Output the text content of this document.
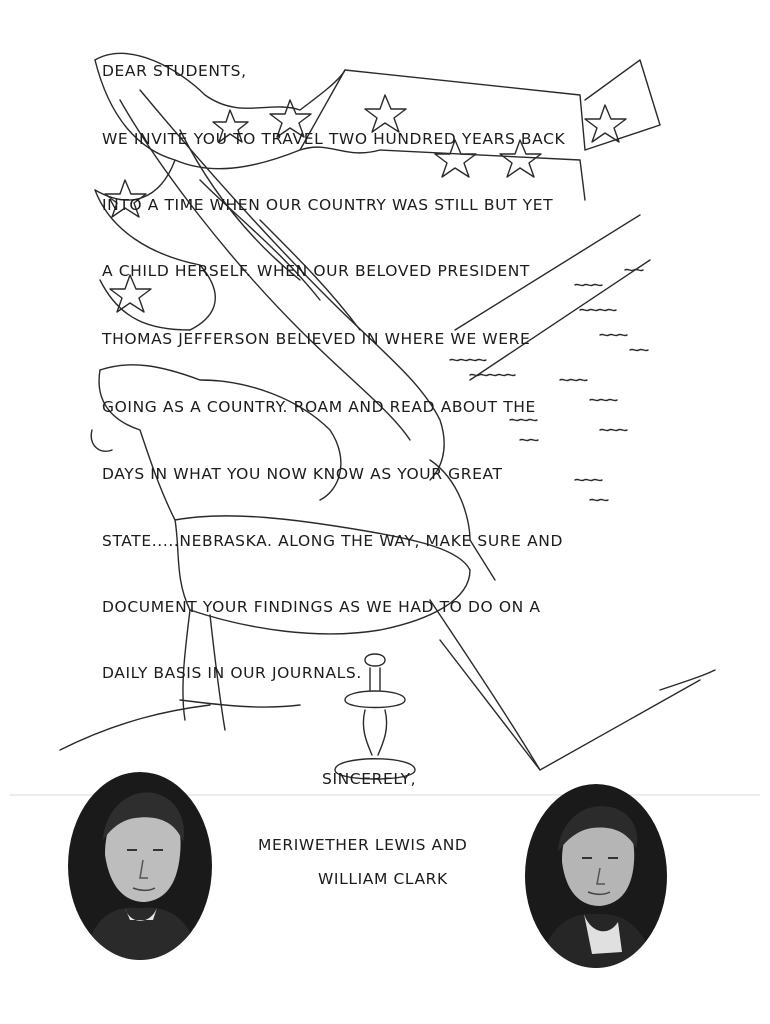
DEAR STUDENTS,

WE INVITE YOU TO TRAVEL TWO HUNDRED YEARS BACK

INTO A TIME WHEN OUR COUNTRY WAS STILL BUT YET

A CHILD HERSELF. WHEN OUR BELOVED PRESIDENT

THOMAS JEFFERSON BELIEVED IN WHERE WE WERE

GOING AS A COUNTRY. ROAM AND READ ABOUT THE

DAYS IN WHAT YOU NOW KNOW AS YOUR GREAT

STATE.....NEBRASKA. ALONG THE WAY, MAKE SURE AND

DOCUMENT YOUR FINDINGS AS WE HAD TO DO ON A

DAILY BASIS IN OUR JOURNALS.

SINCERELY,

MERIWETHER LEWIS AND

WILLIAM CLARK
